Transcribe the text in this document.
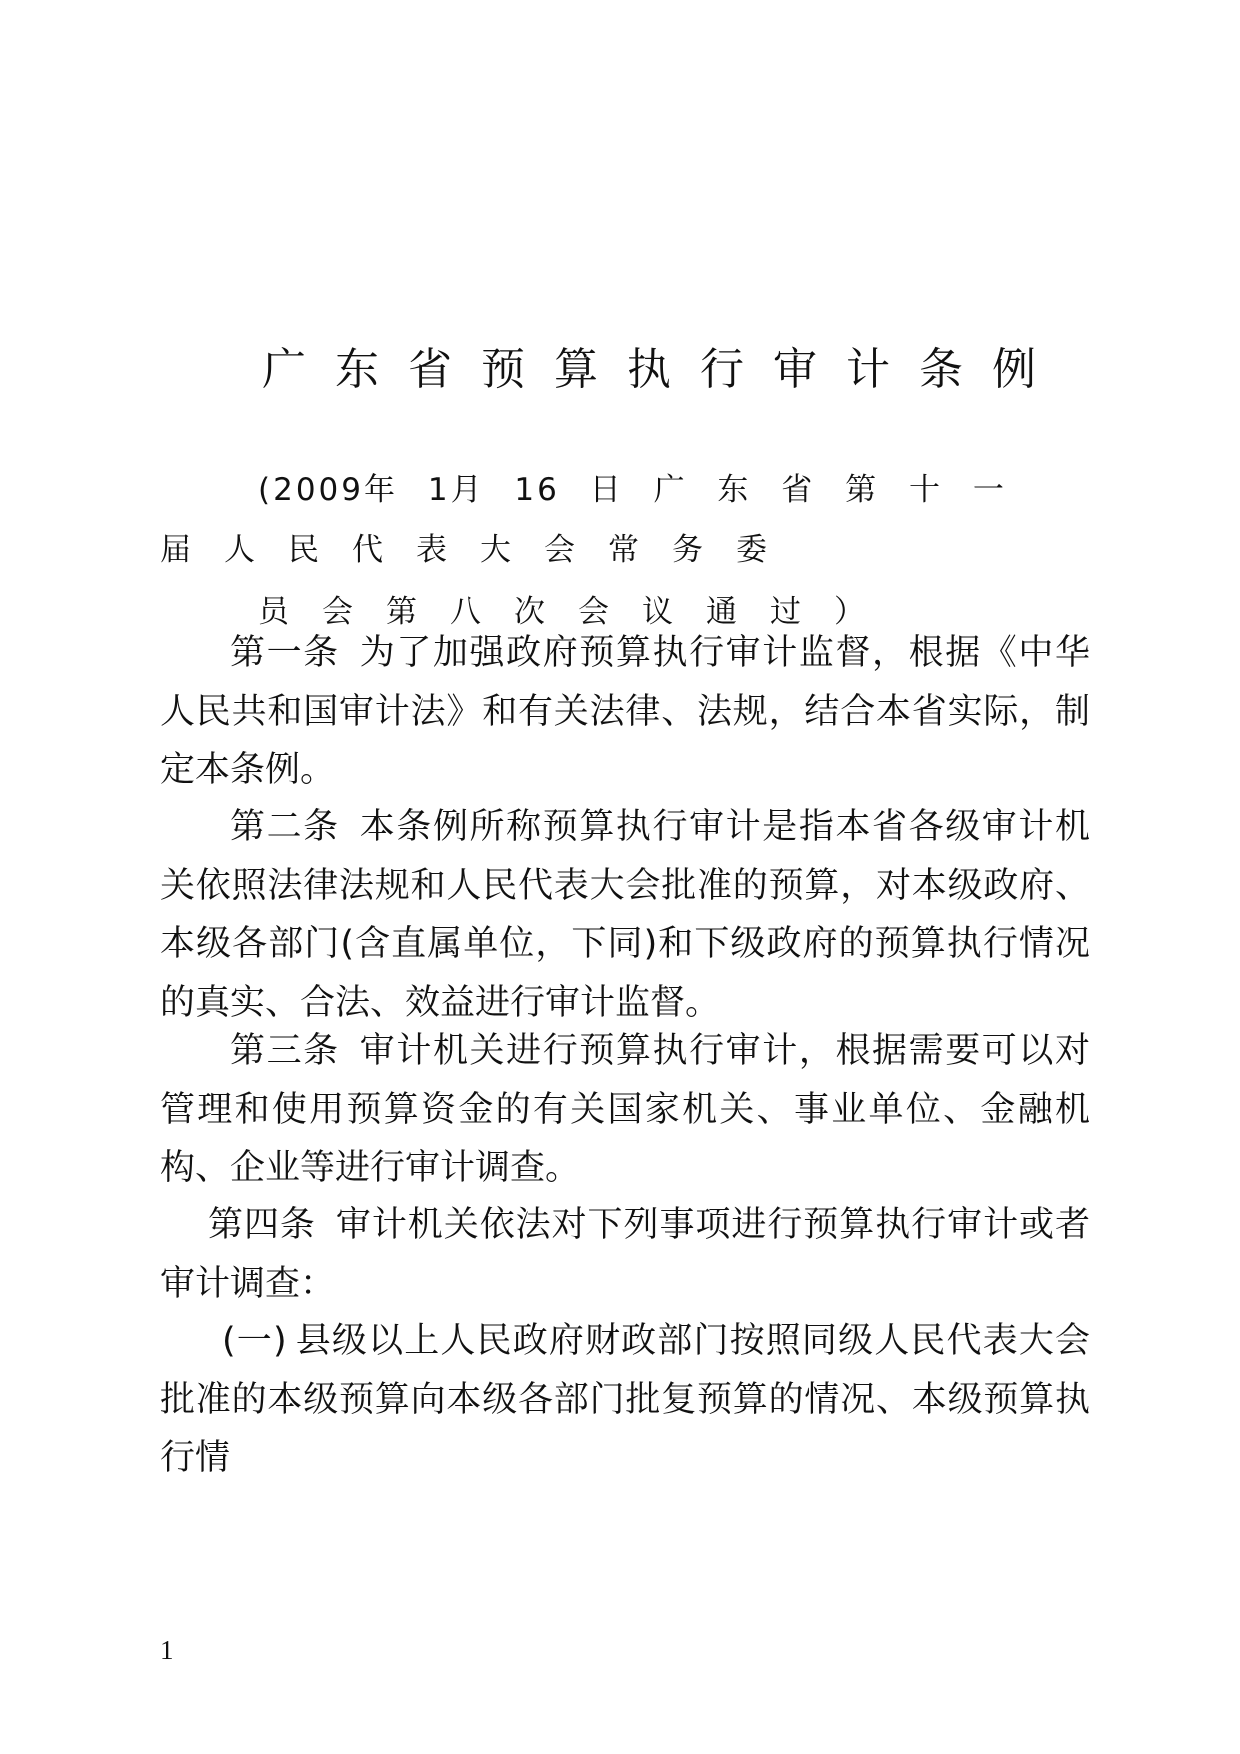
广东省预算执行审计条例
(2009年 1月 16 日 广 东 省 第 十 一
届人民代表大会常务委
员会第八次会议通过）

第一条 为了加强政府预算执行审计监督，根据《中华人民共和国审计法》和有关法律、法规，结合本省实际，制定本条例。

第二条 本条例所称预算执行审计是指本省各级审计机关依照法律法规和人民代表大会批准的预算，对本级政府、本级各部门(含直属单位，下同)和下级政府的预算执行情况的真实、合法、效益进行审计监督。

第三条 审计机关进行预算执行审计，根据需要可以对管理和使用预算资金的有关国家机关、事业单位、金融机构、企业等进行审计调查。

第四条 审计机关依法对下列事项进行预算执行审计或者审计调查：

(一) 县级以上人民政府财政部门按照同级人民代表大会批准的本级预算向本级各部门批复预算的情况、本级预算执行情

1
